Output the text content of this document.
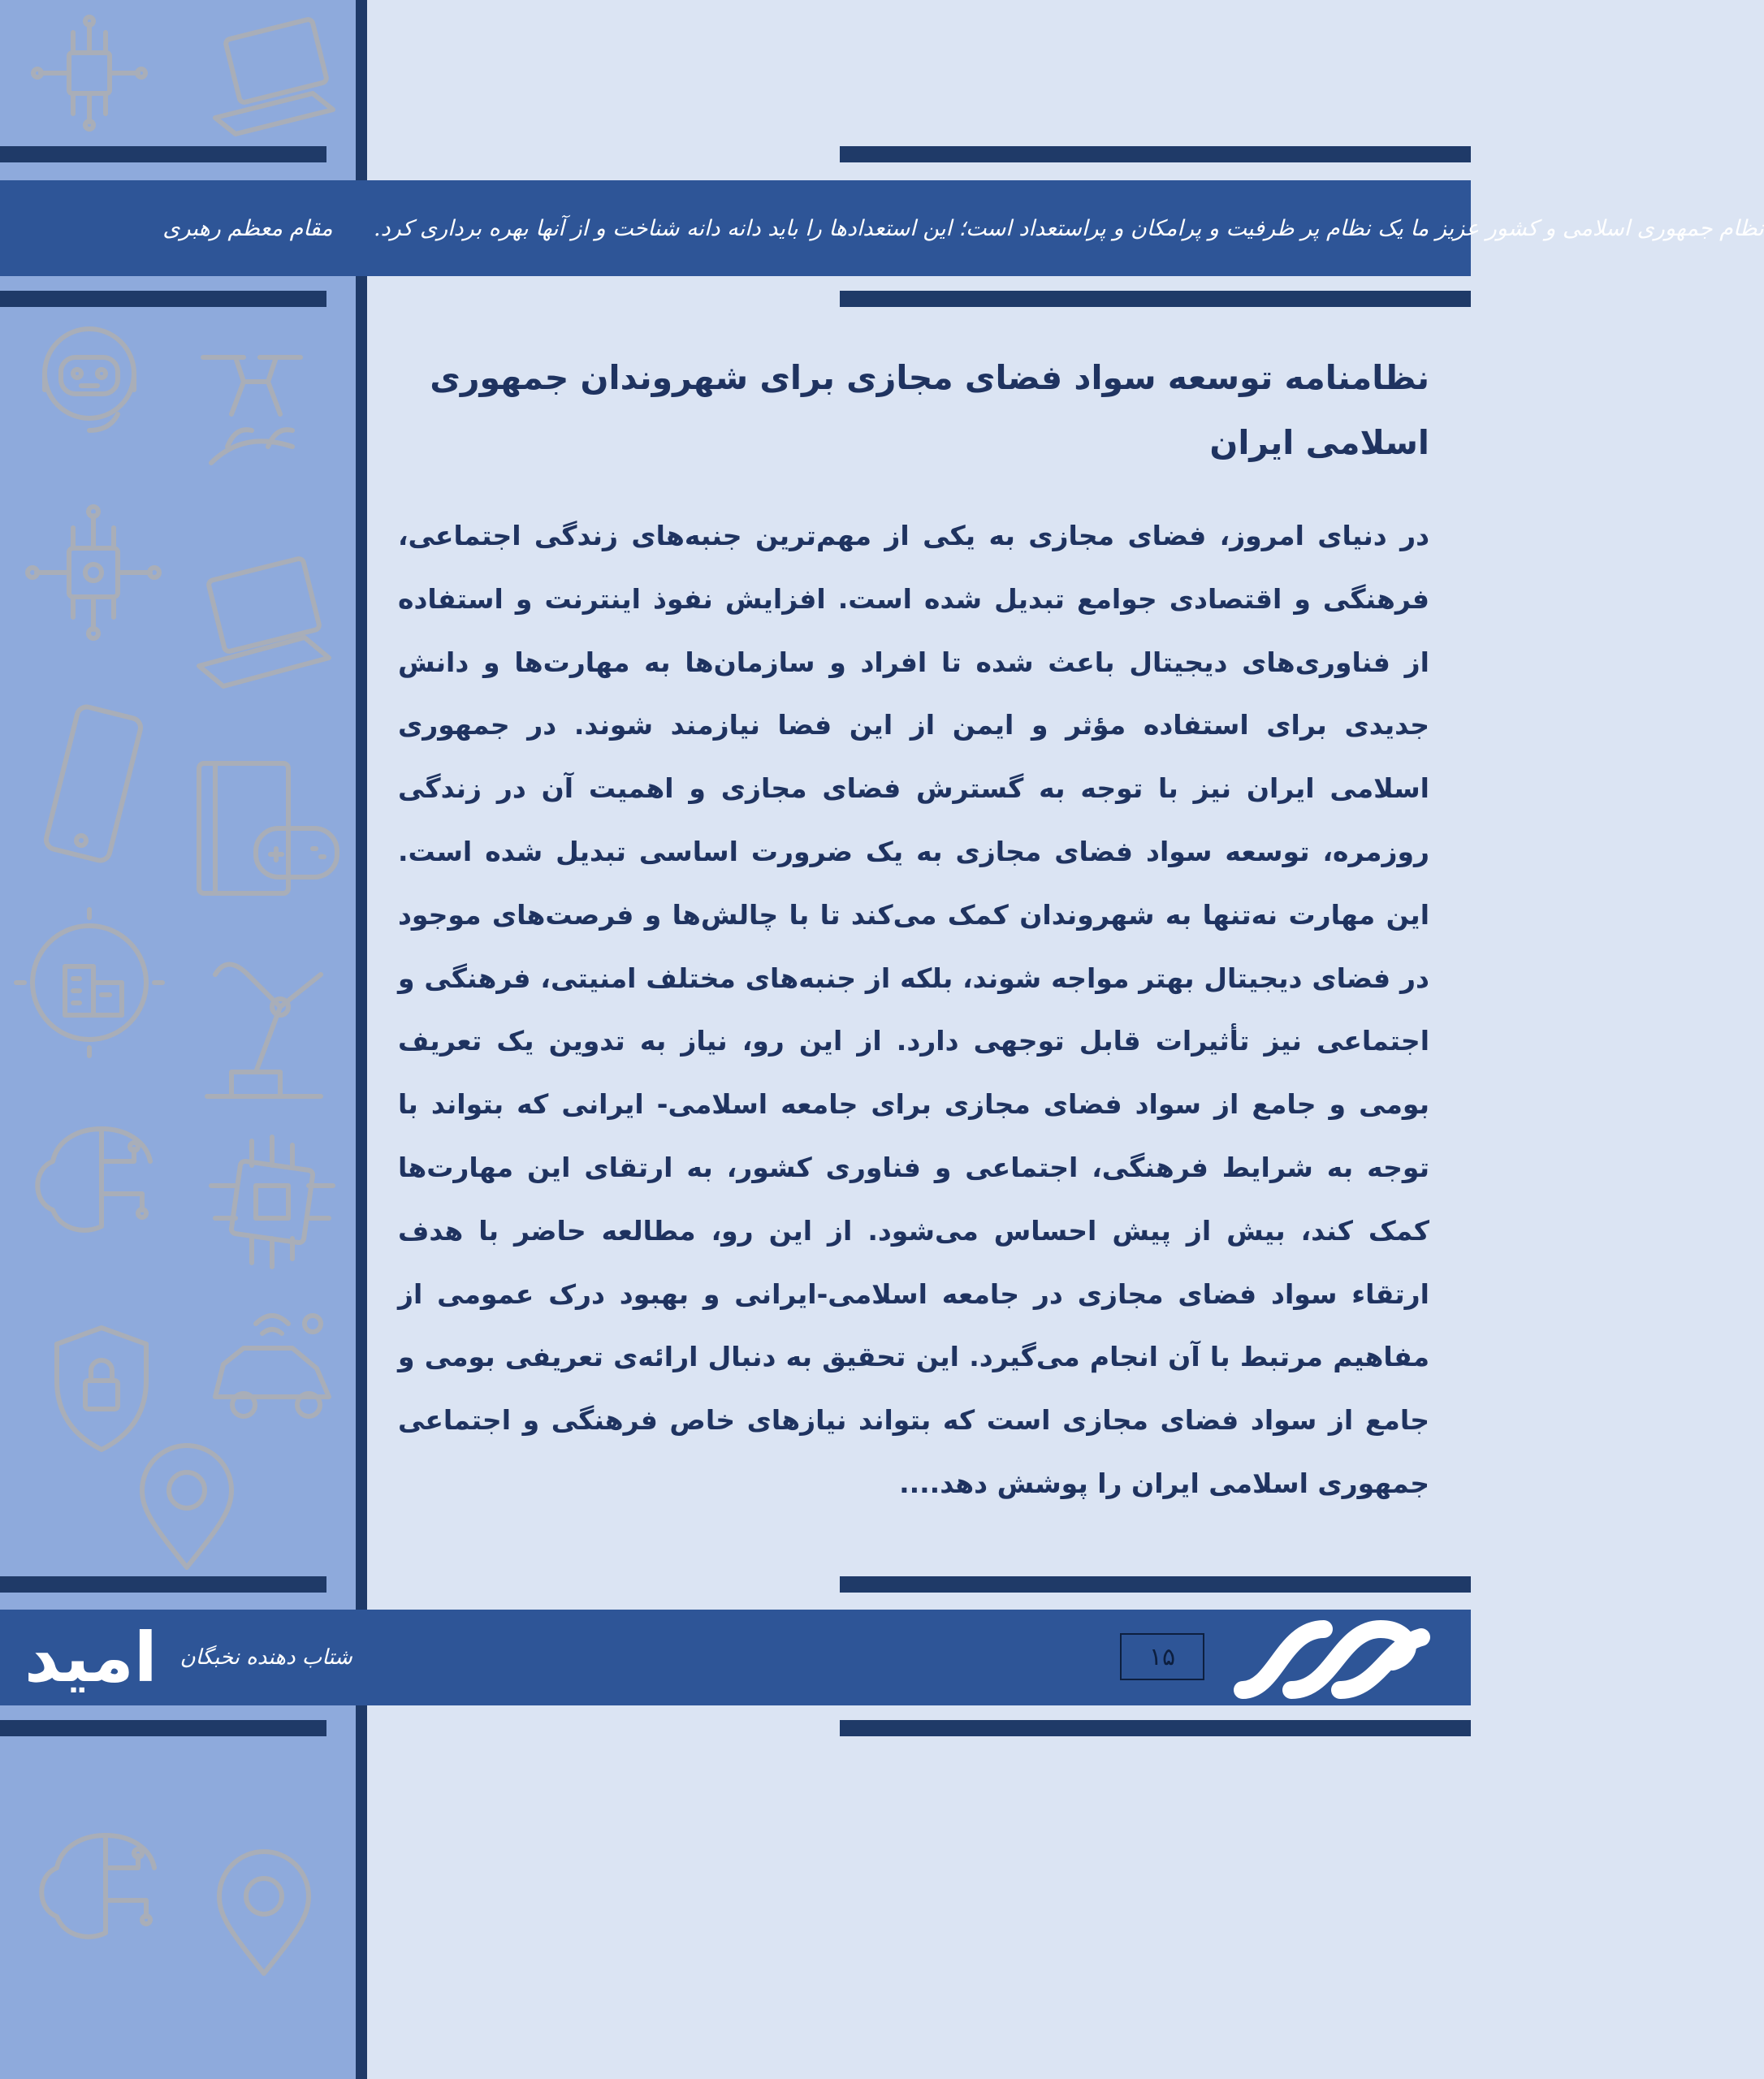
نظام جمهوری اسلامی و کشور عزیز ما یک نظام پر ظرفیت و پرامکان و پراستعداد است؛ این استعدادها را باید دانه دانه شناخت و از آنها بهره برداری کرد.
مقام معظم رهبری
نظامنامه توسعه سواد فضای مجازی برای شهروندان جمهوری اسلامی ایران

در دنیای امروز، فضای مجازی به یکی از مهم‌ترین جنبه‌های زندگی اجتماعی، فرهنگی و اقتصادی جوامع تبدیل شده است. افزایش نفوذ اینترنت و استفاده از فناوری‌های دیجیتال باعث شده تا افراد و سازمان‌ها به مهارت‌ها و دانش جدیدی برای استفاده مؤثر و ایمن از این فضا نیازمند شوند. در جمهوری اسلامی ایران نیز با توجه به گسترش فضای مجازی و اهمیت آن در زندگی روزمره، توسعه سواد فضای مجازی به یک ضرورت اساسی تبدیل شده است. این مهارت نه‌تنها به شهروندان کمک می‌کند تا با چالش‌ها و فرصت‌های موجود در فضای دیجیتال بهتر مواجه شوند، بلکه از جنبه‌های مختلف امنیتی، فرهنگی و اجتماعی نیز تأثیرات قابل توجهی دارد. از این رو، نیاز به تدوین یک تعریف بومی و جامع از سواد فضای مجازی برای جامعه اسلامی- ایرانی که بتواند با توجه به شرایط فرهنگی، اجتماعی و فناوری کشور، به ارتقای این مهارت‌ها کمک کند، بیش از پیش احساس می‌شود. از این رو، مطالعه حاضر با هدف ارتقاء سواد فضای مجازی در جامعه اسلامی-ایرانی و بهبود درک عمومی از مفاهیم مرتبط با آن انجام می‌گیرد. این تحقیق به دنبال ارائه‌ی تعریفی بومی و جامع از سواد فضای مجازی است که بتواند نیازهای خاص فرهنگی و اجتماعی جمهوری اسلامی ایران را پوشش دهد....

امید شتاب دهنده نخبگان	۱۵
